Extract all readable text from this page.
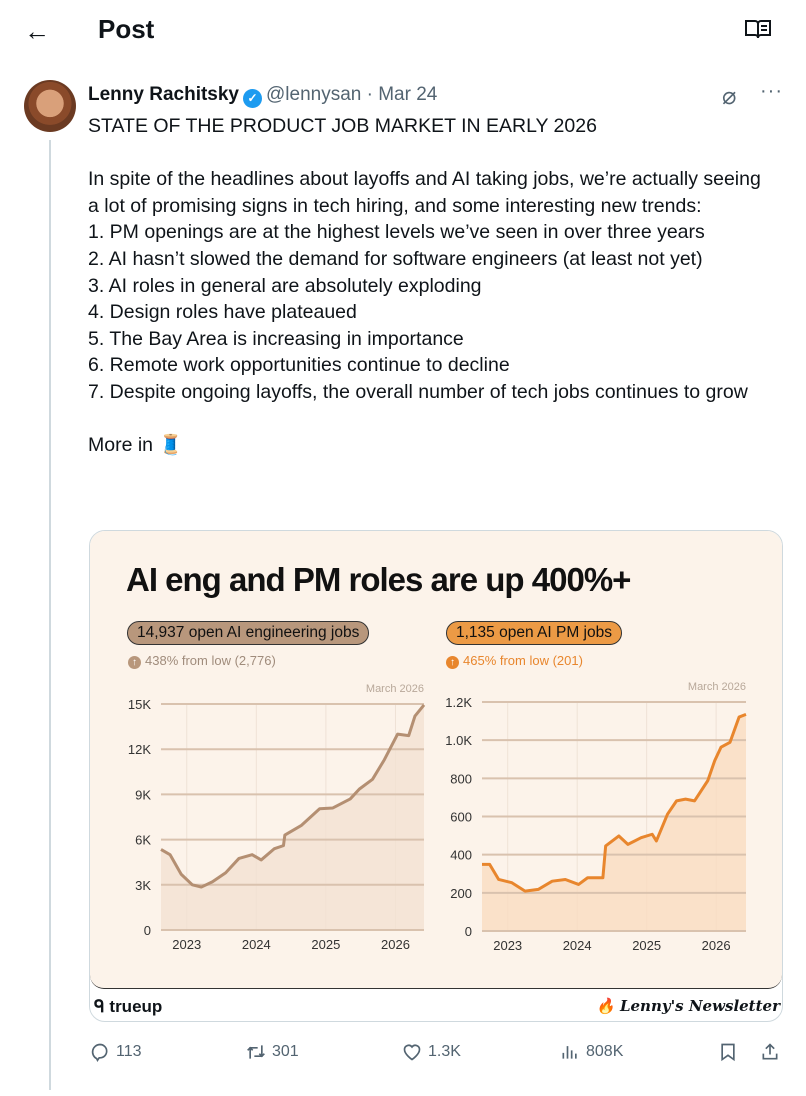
← Post
Lenny Rachitsky ✓ @lennysan · Mar 24	⌀ ···
STATE OF THE PRODUCT JOB MARKET IN EARLY 2026

In spite of the headlines about layoffs and AI taking jobs, we’re actually seeing a lot of promising signs in tech hiring, and some interesting new trends:
1. PM openings are at the highest levels we’ve seen in over three years
2. AI hasn’t slowed the demand for software engineers (at least not yet)
3. AI roles in general are absolutely exploding
4. Design roles have plateaued
5. The Bay Area is increasing in importance
6. Remote work opportunities continue to decline
7. Despite ongoing layoffs, the overall number of tech jobs continues to grow

More in 🧵
AI eng and PM roles are up 400%+
14,937 open AI engineering jobs	1,135 open AI PM jobs
↑ 438% from low (2,776)	↑ 465% from low (201)
2023	2024	2025	2026
0
3K
6K
9K
12K
15K
March 2026
2023	2024	2025	2026
0
200
400
600
800
1.0K
1.2K
March 2026
ᑫ trueup	🔥 Lenny's Newsletter
113	301	1.3K	808K
